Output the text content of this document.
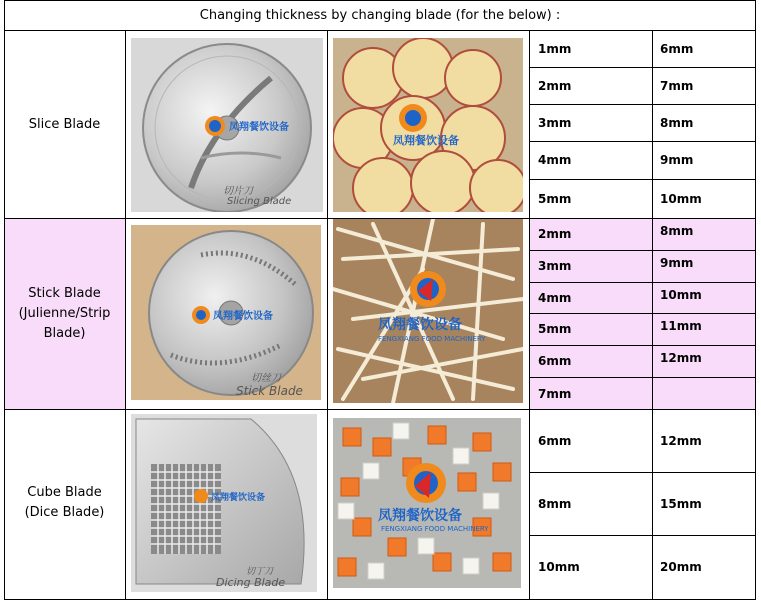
Changing thickness by changing blade (for the below) :
Slice Blade	凤翔餐饮设备
切片刀
Slicing Blade
凤翔餐饮设备
1mm
2mm
3mm
4mm
5mm
6mm
7mm
8mm
9mm
10mm
Stick Blade
(Julienne/Strip
Blade)
凤翔餐饮设备
切丝刀
Stick Blade
凤翔餐饮设备
FENGXIANG FOOD MACHINERY
2mm
3mm
4mm
5mm
6mm
7mm
8mm
9mm
10mm
11mm
12mm
Cube Blade
(Dice Blade)
凤翔餐饮设备
切丁刀
Dicing Blade
凤翔餐饮设备
FENGXIANG FOOD MACHINERY
6mm
8mm
10mm
12mm
15mm
20mm
